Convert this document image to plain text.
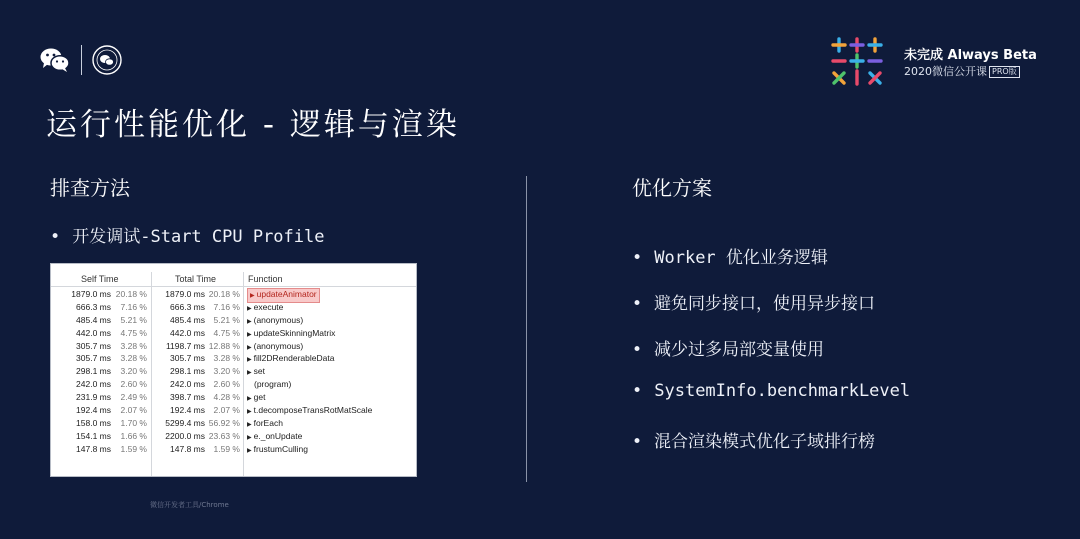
未完成 Always Beta
2020微信公开课 PRO版
运行性能优化 - 逻辑与渲染
排查方法	优化方案
• 开发调试-Start CPU Profile
Self Time	Total Time	Function
1879.0 ms 20.18 %	1879.0 ms 20.18 %	▶ updateAnimator
666.3 ms	7.16 %	666.3 ms	7.16 % ▶ execute
485.4 ms	5.21 %	485.4 ms	5.21 % ▶ (anonymous)
442.0 ms	4.75 %	442.0 ms	4.75 % ▶ updateSkinningMatrix
305.7 ms	3.28 %	1198.7 ms 12.88 % ▶ (anonymous)
305.7 ms	3.28 %	305.7 ms	3.28 % ▶ fill2DRenderableData
298.1 ms	3.20 %	298.1 ms	3.20 % ▶ set
242.0 ms	2.60 %	242.0 ms	2.60 %	(program)
231.9 ms	2.49 %	398.7 ms	4.28 % ▶ get
192.4 ms	2.07 %	192.4 ms	2.07 % ▶ t.decomposeTransRotMatScale
158.0 ms	1.70 %	5299.4 ms 56.92 % ▶ forEach
154.1 ms	1.66 %	2200.0 ms 23.63 % ▶ e._onUpdate
147.8 ms	1.59 %	147.8 ms	1.59 % ▶ frustumCulling
微信开发者工具/Chrome
• Worker 优化业务逻辑
• 避免同步接口，使用异步接口
• 减少过多局部变量使用
• SystemInfo.benchmarkLevel
• 混合渲染模式优化子域排行榜
